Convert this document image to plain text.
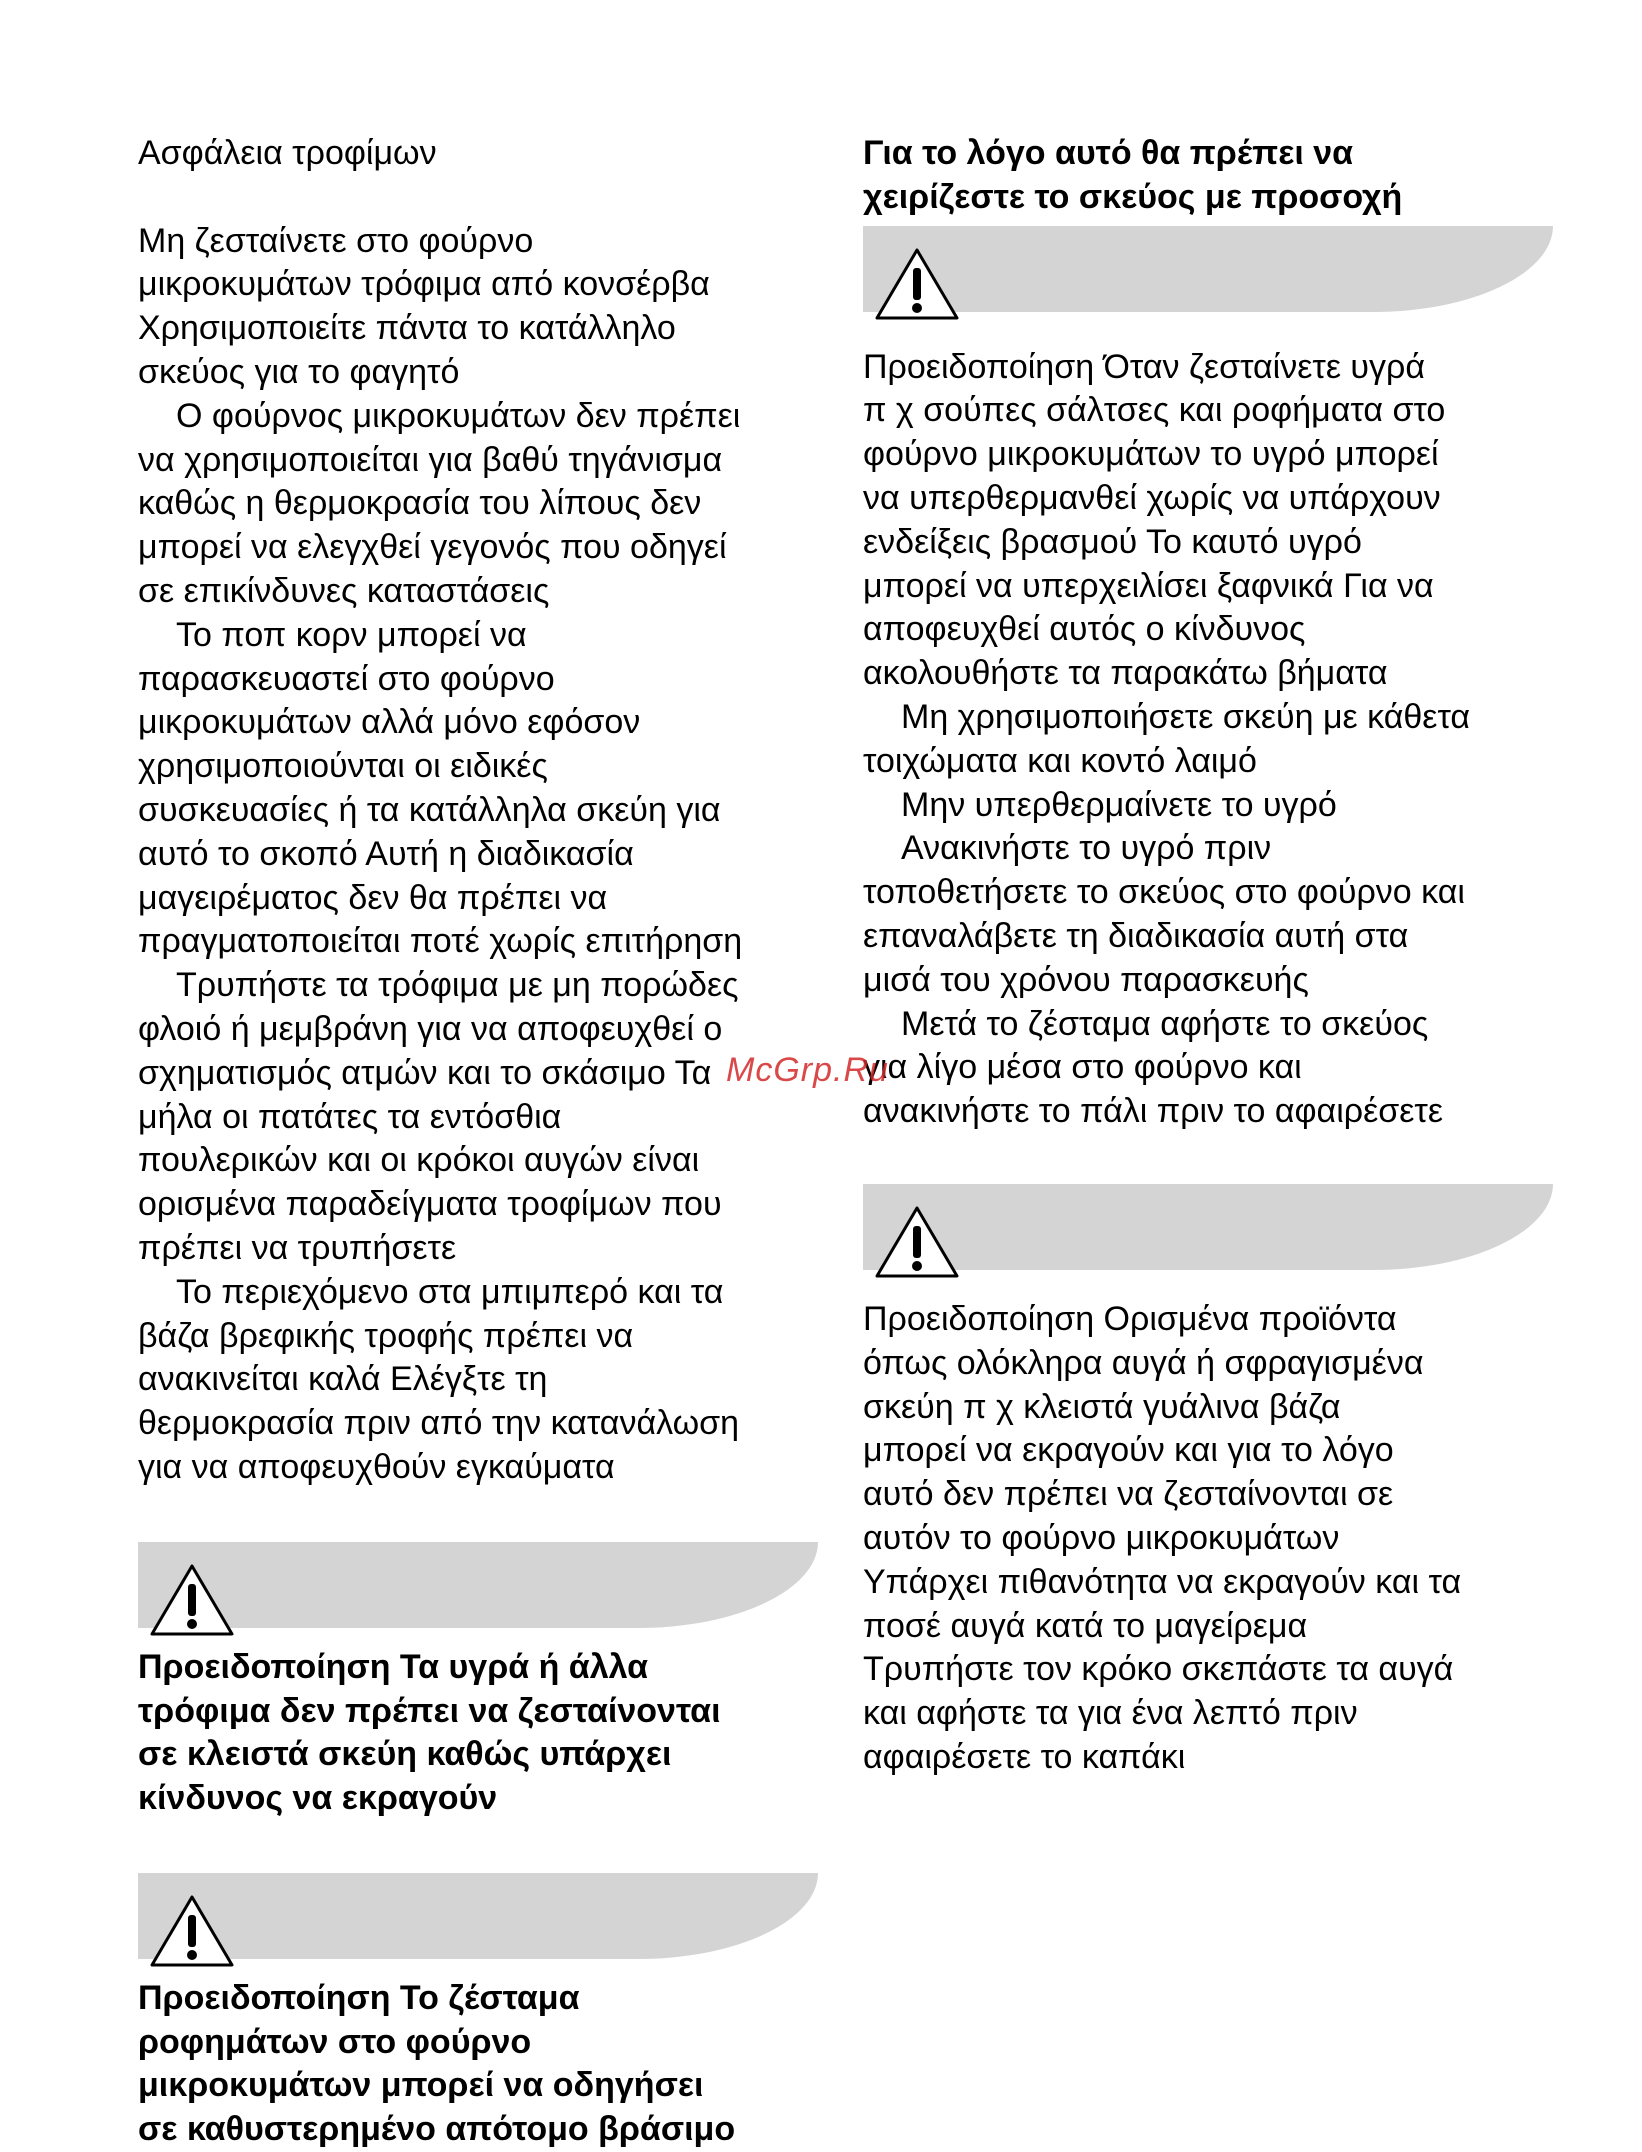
Ασφάλεια τροφίμων

Μη ζεσταίνετε στο φούρνο
μικροκυμάτων τρόφιμα από κονσέρβα
Χρησιμοποιείτε πάντα το κατάλληλο
σκεύος για το φαγητό

Ο φούρνος μικροκυμάτων δεν πρέπει
να χρησιμοποιείται για βαθύ τηγάνισμα
καθώς η θερμοκρασία του λίπους δεν
μπορεί να ελεγχθεί γεγονός που οδηγεί
σε επικίνδυνες καταστάσεις

Το ποπ κορν μπορεί να
παρασκευαστεί στο φούρνο
μικροκυμάτων αλλά μόνο εφόσον
χρησιμοποιούνται οι ειδικές
συσκευασίες ή τα κατάλληλα σκεύη για
αυτό το σκοπό Αυτή η διαδικασία
μαγειρέματος δεν θα πρέπει να
πραγματοποιείται ποτέ χωρίς επιτήρηση

Τρυπήστε τα τρόφιμα με μη πορώδες
φλοιό ή μεμβράνη για να αποφευχθεί ο
σχηματισμός ατμών και το σκάσιμο Τα
μήλα οι πατάτες τα εντόσθια
πουλερικών και οι κρόκοι αυγών είναι
ορισμένα παραδείγματα τροφίμων που
πρέπει να τρυπήσετε

Το περιεχόμενο στα μπιμπερό και τα
βάζα βρεφικής τροφής πρέπει να
ανακινείται καλά Ελέγξτε τη
θερμοκρασία πριν από την κατανάλωση
για να αποφευχθούν εγκαύματα

Προειδοποίηση Τα υγρά ή άλλα
τρόφιμα δεν πρέπει να ζεσταίνονται
σε κλειστά σκεύη καθώς υπάρχει
κίνδυνος να εκραγούν

Προειδοποίηση Το ζέσταμα
ροφημάτων στο φούρνο
μικροκυμάτων μπορεί να οδηγήσει
σε καθυστερημένο απότομο βράσιμο

Για το λόγο αυτό θα πρέπει να
χειρίζεστε το σκεύος με προσοχή

Προειδοποίηση Όταν ζεσταίνετε υγρά
π χ σούπες σάλτσες και ροφήματα στο
φούρνο μικροκυμάτων το υγρό μπορεί
να υπερθερμανθεί χωρίς να υπάρχουν
ενδείξεις βρασμού Το καυτό υγρό
μπορεί να υπερχειλίσει ξαφνικά Για να
αποφευχθεί αυτός ο κίνδυνος
ακολουθήστε τα παρακάτω βήματα

Μη χρησιμοποιήσετε σκεύη με κάθετα
τοιχώματα και κοντό λαιμό

Μην υπερθερμαίνετε το υγρό

Ανακινήστε το υγρό πριν
τοποθετήσετε το σκεύος στο φούρνο και
επαναλάβετε τη διαδικασία αυτή στα
μισά του χρόνου παρασκευής

Μετά το ζέσταμα αφήστε το σκεύος
για λίγο μέσα στο φούρνο και
ανακινήστε το πάλι πριν το αφαιρέσετε

Προειδοποίηση Ορισμένα προϊόντα
όπως ολόκληρα αυγά ή σφραγισμένα
σκεύη π χ κλειστά γυάλινα βάζα
μπορεί να εκραγούν και για το λόγο
αυτό δεν πρέπει να ζεσταίνονται σε
αυτόν το φούρνο μικροκυμάτων
Υπάρχει πιθανότητα να εκραγούν και τα
ποσέ αυγά κατά το μαγείρεμα
Τρυπήστε τον κρόκο σκεπάστε τα αυγά
και αφήστε τα για ένα λεπτό πριν
αφαιρέσετε το καπάκι

McGrp.Ru
